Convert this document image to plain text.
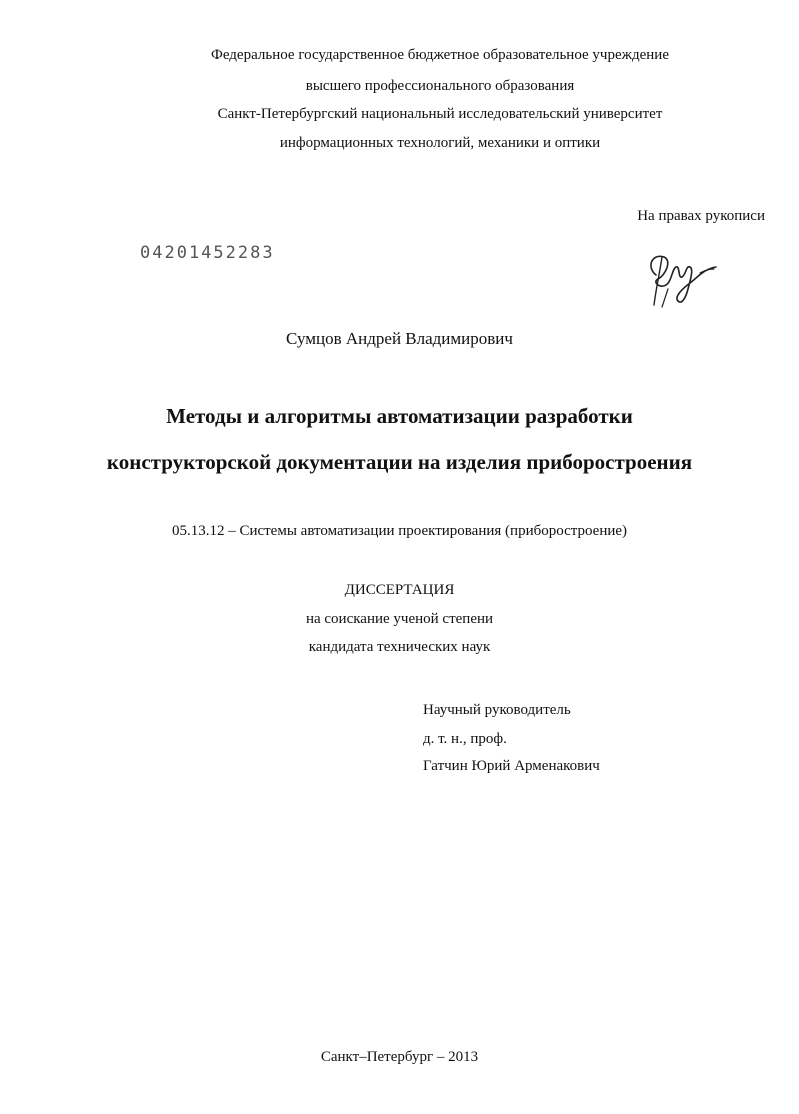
Федеральное государственное бюджетное образовательное учреждение
высшего профессионального образования
Санкт-Петербургский национальный исследовательский университет
информационных технологий, механики и оптики
На правах рукописи
04201452283
Сумцов Андрей Владимирович
Методы и алгоритмы автоматизации разработки
конструкторской документации на изделия приборостроения
05.13.12 – Системы автоматизации проектирования (приборостроение)
ДИССЕРТАЦИЯ
на соискание ученой степени
кандидата технических наук
Научный руководитель
д. т. н., проф.
Гатчин Юрий Арменакович
Санкт–Петербург – 2013
